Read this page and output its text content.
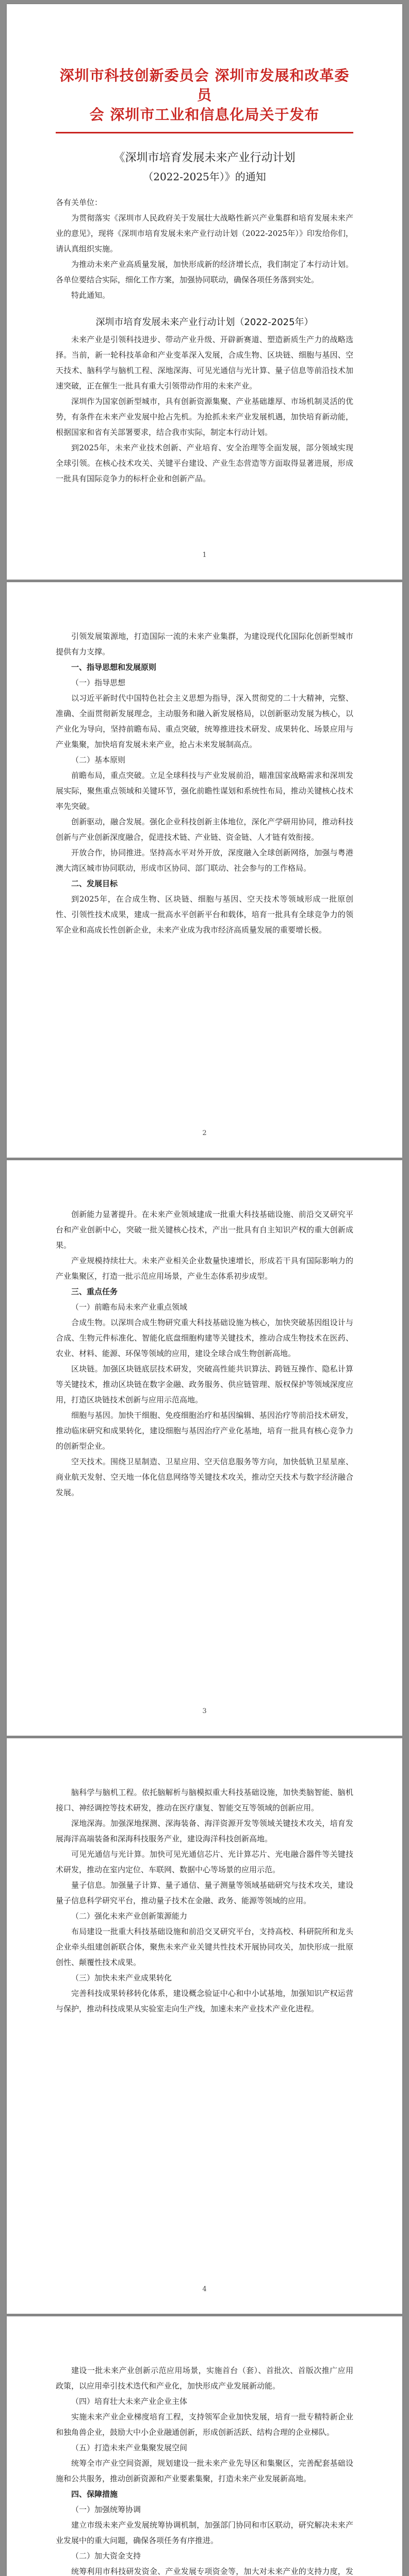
深圳市科技创新委员会 深圳市发展和改革委员
会 深圳市工业和信息化局关于发布
《深圳市培育发展未来产业行动计划
（2022-2025年）》的通知
各有关单位：

为贯彻落实《深圳市人民政府关于发展壮大战略性新兴产业集群和培育发展未来产业的意见》，现将《深圳市培育发展未来产业行动计划（2022-2025年）》印发给你们，请认真组织实施。

为推动未来产业高质量发展，加快形成新的经济增长点，我们制定了本行动计划。各单位要结合实际，细化工作方案，加强协同联动，确保各项任务落到实处。

特此通知。

深圳市培育发展未来产业行动计划（2022-2025年）

未来产业是引领科技进步、带动产业升级、开辟新赛道、塑造新质生产力的战略选择。当前，新一轮科技革命和产业变革深入发展，合成生物、区块链、细胞与基因、空天技术、脑科学与脑机工程、深地深海、可见光通信与光计算、量子信息等前沿技术加速突破，正在催生一批具有重大引领带动作用的未来产业。

深圳作为国家创新型城市，具有创新资源集聚、产业基础雄厚、市场机制灵活的优势，有条件在未来产业发展中抢占先机。为抢抓未来产业发展机遇，加快培育新动能，根据国家和省有关部署要求，结合我市实际，制定本行动计划。

到2025年，未来产业技术创新、产业培育、安全治理等全面发展，部分领域实现全球引领。在核心技术攻关、关键平台建设、产业生态营造等方面取得显著进展，形成一批具有国际竞争力的标杆企业和创新产品。

1

引领发展策源地，打造国际一流的未来产业集群，为建设现代化国际化创新型城市提供有力支撑。

一、指导思想和发展原则
（一）指导思想

以习近平新时代中国特色社会主义思想为指导，深入贯彻党的二十大精神，完整、准确、全面贯彻新发展理念，主动服务和融入新发展格局，以创新驱动发展为核心，以产业化为导向，坚持前瞻布局、重点突破，统筹推进技术研发、成果转化、场景应用与产业集聚，加快培育发展未来产业，抢占未来发展制高点。

（二）基本原则

前瞻布局，重点突破。立足全球科技与产业发展前沿，瞄准国家战略需求和深圳发展实际，聚焦重点领域和关键环节，强化前瞻性谋划和系统性布局，推动关键核心技术率先突破。

创新驱动，融合发展。强化企业科技创新主体地位，深化产学研用协同，推动科技创新与产业创新深度融合，促进技术链、产业链、资金链、人才链有效衔接。

开放合作，协同推进。坚持高水平对外开放，深度融入全球创新网络，加强与粤港澳大湾区城市协同联动，形成市区协同、部门联动、社会参与的工作格局。

二、发展目标

到2025年，在合成生物、区块链、细胞与基因、空天技术等领域形成一批原创性、引领性技术成果，建成一批高水平创新平台和载体，培育一批具有全球竞争力的领军企业和高成长性创新企业，未来产业成为我市经济高质量发展的重要增长极。

2

创新能力显著提升。在未来产业领域建成一批重大科技基础设施、前沿交叉研究平台和产业创新中心，突破一批关键核心技术，产出一批具有自主知识产权的重大创新成果。

产业规模持续壮大。未来产业相关企业数量快速增长，形成若干具有国际影响力的产业集聚区，打造一批示范应用场景，产业生态体系初步成型。

三、重点任务
（一）前瞻布局未来产业重点领域

合成生物。以深圳合成生物研究重大科技基础设施为核心，加快突破基因组设计与合成、生物元件标准化、智能化底盘细胞构建等关键技术，推动合成生物技术在医药、农业、材料、能源、环保等领域的应用，建设全球合成生物创新高地。

区块链。加强区块链底层技术研发，突破高性能共识算法、跨链互操作、隐私计算等关键技术，推动区块链在数字金融、政务服务、供应链管理、版权保护等领域深度应用，打造区块链技术创新与应用示范高地。

细胞与基因。加快干细胞、免疫细胞治疗和基因编辑、基因治疗等前沿技术研发，推动临床研究和成果转化，建设细胞与基因治疗产业化基地，培育一批具有核心竞争力的创新型企业。

空天技术。围绕卫星制造、卫星应用、空天信息服务等方向，加快低轨卫星星座、商业航天发射、空天地一体化信息网络等关键技术攻关，推动空天技术与数字经济融合发展。

3

脑科学与脑机工程。依托脑解析与脑模拟重大科技基础设施，加快类脑智能、脑机接口、神经调控等技术研发，推动在医疗康复、智能交互等领域的创新应用。

深地深海。加强深地探测、深海装备、海洋资源开发等领域关键技术攻关，培育发展海洋高端装备和深海科技服务产业，建设海洋科技创新高地。

可见光通信与光计算。加快可见光通信芯片、光计算芯片、光电融合器件等关键技术研发，推动在室内定位、车联网、数据中心等场景的应用示范。

量子信息。加强量子计算、量子通信、量子测量等领域基础研究与技术攻关，建设量子信息科学研究平台，推动量子技术在金融、政务、能源等领域的应用。

（二）强化未来产业创新策源能力

布局建设一批重大科技基础设施和前沿交叉研究平台，支持高校、科研院所和龙头企业牵头组建创新联合体，聚焦未来产业关键共性技术开展协同攻关，加快形成一批原创性、颠覆性技术成果。

（三）加快未来产业成果转化

完善科技成果转移转化体系，建设概念验证中心和中小试基地，加强知识产权运营与保护，推动科技成果从实验室走向生产线，加速未来产业技术产业化进程。

4

建设一批未来产业创新示范应用场景，实施首台（套）、首批次、首版次推广应用政策，以应用牵引技术迭代和产业化，加快形成产业发展新动能。

（四）培育壮大未来产业企业主体

实施未来产业企业梯度培育工程，支持领军企业加快发展，培育一批专精特新企业和独角兽企业，鼓励大中小企业融通创新，形成创新活跃、结构合理的企业梯队。

（五）打造未来产业集聚发展空间

统筹全市产业空间资源，规划建设一批未来产业先导区和集聚区，完善配套基础设施和公共服务，推动创新资源和产业要素集聚，打造未来产业发展新高地。

四、保障措施
（一）加强统筹协调

建立市级未来产业发展统筹协调机制，加强部门协同和市区联动，研究解决未来产业发展中的重大问题，确保各项任务有序推进。

（二）加大资金支持

统筹利用市科技研发资金、产业发展专项资金等，加大对未来产业的支持力度，发
